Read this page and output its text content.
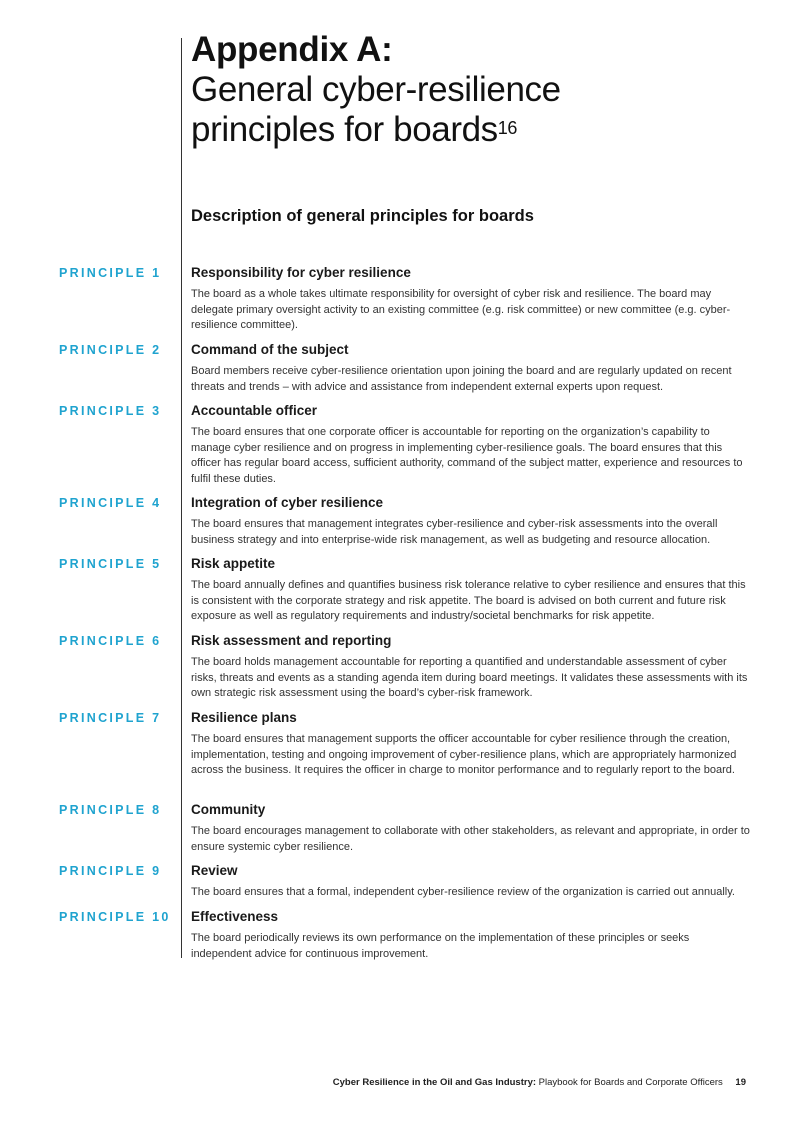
Appendix A:
General cyber-resilience
principles for boards$^{16}$
Description of general principles for boards
PRINCIPLE 1 Responsibility for cyber resilience

The board as a whole takes ultimate responsibility for oversight of cyber risk and resilience. The board may delegate primary oversight activity to an existing committee (e.g. risk committee) or new committee (e.g. cyber-resilience committee).

PRINCIPLE 2 Command of the subject

Board members receive cyber-resilience orientation upon joining the board and are regularly updated on recent threats and trends – with advice and assistance from independent external experts upon request.

PRINCIPLE 3 Accountable officer

The board ensures that one corporate officer is accountable for reporting on the organization’s capability to manage cyber resilience and on progress in implementing cyber-resilience goals. The board ensures that this officer has regular board access, sufficient authority, command of the subject matter, experience and resources to fulfil these duties.

PRINCIPLE 4 Integration of cyber resilience

The board ensures that management integrates cyber-resilience and cyber-risk assessments into the overall business strategy and into enterprise-wide risk management, as well as budgeting and resource allocation.

PRINCIPLE 5 Risk appetite

The board annually defines and quantifies business risk tolerance relative to cyber resilience and ensures that this is consistent with the corporate strategy and risk appetite. The board is advised on both current and future risk exposure as well as regulatory requirements and industry/societal benchmarks for risk appetite.

PRINCIPLE 6 Risk assessment and reporting

The board holds management accountable for reporting a quantified and understandable assessment of cyber risks, threats and events as a standing agenda item during board meetings. It validates these assessments with its own strategic risk assessment using the board’s cyber-risk framework.

PRINCIPLE 7 Resilience plans

The board ensures that management supports the officer accountable for cyber resilience through the creation, implementation, testing and ongoing improvement of cyber-resilience plans, which are appropriately harmonized across the business. It requires the officer in charge to monitor performance and to regularly report to the board.

PRINCIPLE 8 Community

The board encourages management to collaborate with other stakeholders, as relevant and appropriate, in order to ensure systemic cyber resilience.

PRINCIPLE 9 Review

The board ensures that a formal, independent cyber-resilience review of the organization is carried out annually.

PRINCIPLE 10 Effectiveness

The board periodically reviews its own performance on the implementation of these principles or seeks independent advice for continuous improvement.

Cyber Resilience in the Oil and Gas Industry: Playbook for Boards and Corporate Officers 19
